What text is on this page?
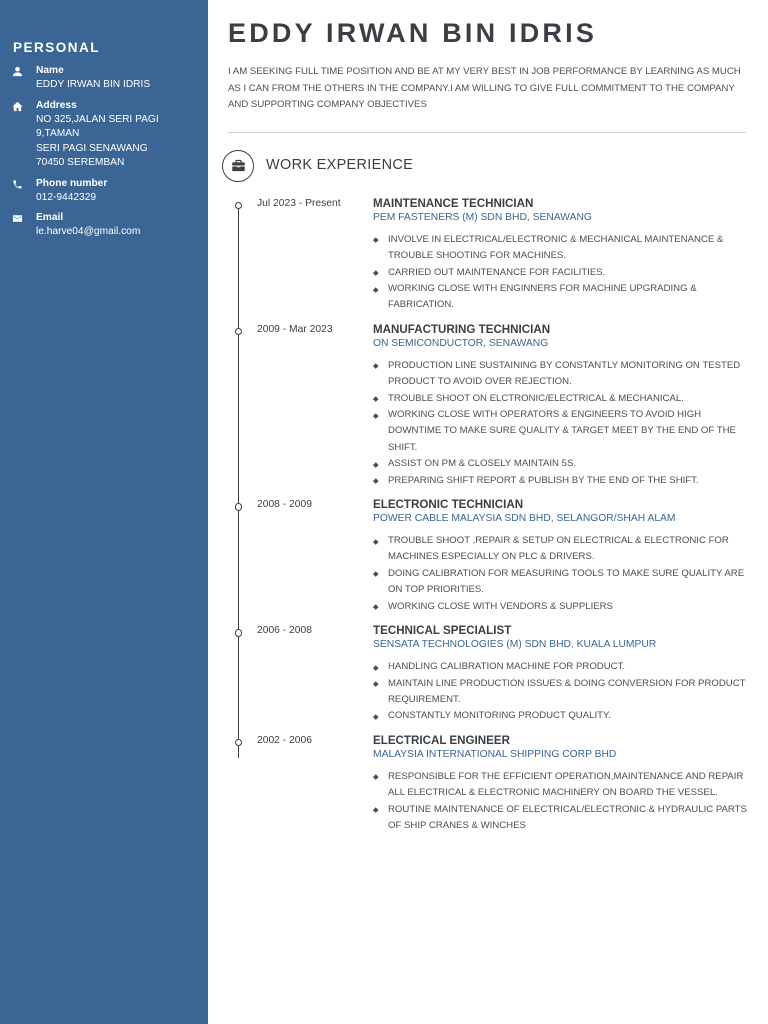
PERSONAL
Name
EDDY IRWAN BIN IDRIS
Address
NO 325,JALAN SERI PAGI 9,TAMAN
SERI PAGI SENAWANG
70450 SEREMBAN
Phone number
012-9442329
Email
le.harve04@gmail.com
EDDY IRWAN BIN IDRIS

I AM SEEKING FULL TIME POSITION AND BE AT MY VERY BEST IN JOB PERFORMANCE BY LEARNING AS MUCH AS I CAN FROM THE OTHERS IN THE COMPANY.I AM WILLING TO GIVE FULL COMMITMENT TO THE COMPANY AND SUPPORTING COMPANY OBJECTIVES

WORK EXPERIENCE
Jul 2023 - Present	MAINTENANCE TECHNICIAN
PEM FASTENERS (M) SDN BHD, SENAWANG
INVOLVE IN ELECTRICAL/ELECTRONIC & MECHANICAL MAINTENANCE & TROUBLE SHOOTING FOR MACHINES.
CARRIED OUT MAINTENANCE FOR FACILITIES.
WORKING CLOSE WITH ENGINNERS FOR MACHINE UPGRADING & FABRICATION.
2009 - Mar 2023	MANUFACTURING TECHNICIAN
ON SEMICONDUCTOR, SENAWANG
PRODUCTION LINE SUSTAINING BY CONSTANTLY MONITORING ON TESTED PRODUCT TO AVOID OVER REJECTION.
TROUBLE SHOOT ON ELCTRONIC/ELECTRICAL & MECHANICAL.
WORKING CLOSE WITH OPERATORS & ENGINEERS TO AVOID HIGH DOWNTIME TO MAKE SURE QUALITY & TARGET MEET BY THE END OF THE SHIFT.
ASSIST ON PM & CLOSELY MAINTAIN 5S.
PREPARING SHIFT REPORT & PUBLISH BY THE END OF THE SHIFT.
2008 - 2009	ELECTRONIC TECHNICIAN
POWER CABLE MALAYSIA SDN BHD, SELANGOR/SHAH ALAM
TROUBLE SHOOT ,REPAIR & SETUP ON ELECTRICAL & ELECTRONIC FOR MACHINES ESPECIALLY ON PLC & DRIVERS.
DOING CALIBRATION FOR MEASURING TOOLS TO MAKE SURE QUALITY ARE ON TOP PRIORITIES.
WORKING CLOSE WITH VENDORS & SUPPLIERS
2006 - 2008	TECHNICAL SPECIALIST
SENSATA TECHNOLOGIES (M) SDN BHD, KUALA LUMPUR
HANDLING CALIBRATION MACHINE FOR PRODUCT.
MAINTAIN LINE PRODUCTION ISSUES & DOING CONVERSION FOR PRODUCT REQUIREMENT.
CONSTANTLY MONITORING PRODUCT QUALITY.
2002 - 2006	ELECTRICAL ENGINEER
MALAYSIA INTERNATIONAL SHIPPING CORP BHD
RESPONSIBLE FOR THE EFFICIENT OPERATION,MAINTENANCE AND REPAIR ALL ELECTRICAL & ELECTRONIC MACHINERY ON BOARD THE VESSEL.
ROUTINE MAINTENANCE OF ELECTRICAL/ELECTRONIC & HYDRAULIC PARTS OF SHIP CRANES & WINCHES
